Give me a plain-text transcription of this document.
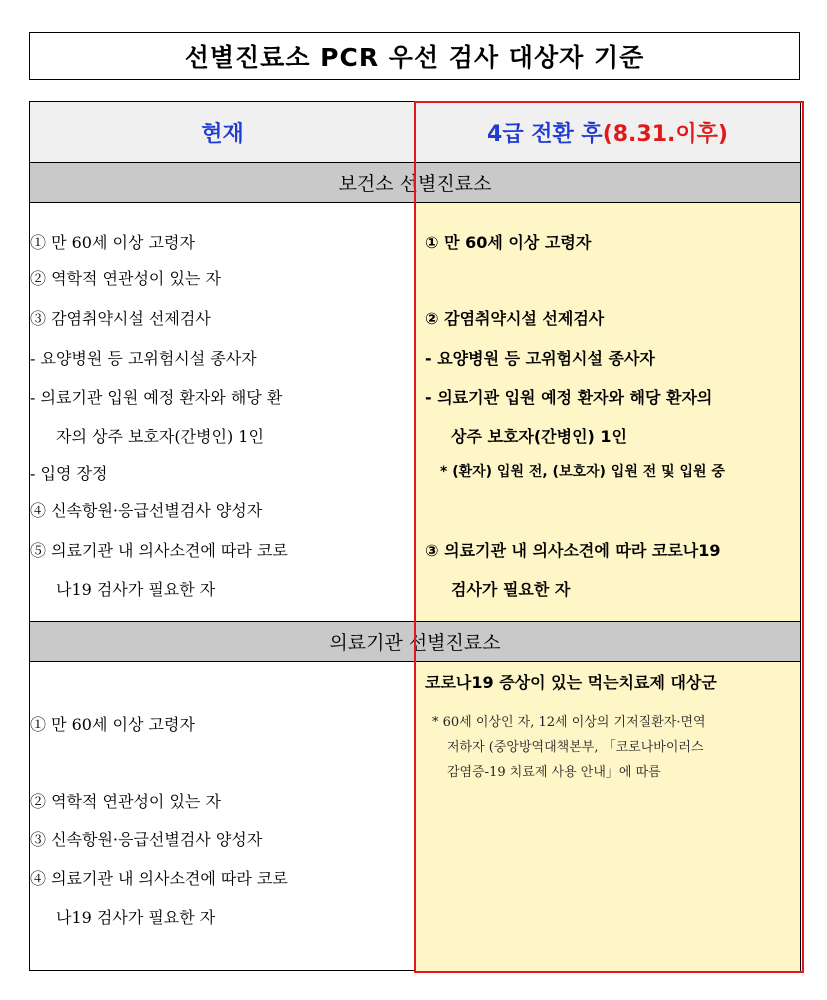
선별진료소 PCR 우선 검사 대상자 기준
현재	4급 전환 후 (8.31.이후)
보건소 선별진료소
의료기관 선별진료소
① 만 60세 이상 고령자
② 역학적 연관성이 있는 자
③ 감염취약시설 선제검사
- 요양병원 등 고위험시설 종사자
- 의료기관 입원 예정 환자와 해당 환
자의 상주 보호자(간병인) 1인
- 입영 장정
④ 신속항원·응급선별검사 양성자
⑤ 의료기관 내 의사소견에 따라 코로
나19 검사가 필요한 자
① 만 60세 이상 고령자
② 감염취약시설 선제검사
- 요양병원 등 고위험시설 종사자
- 의료기관 입원 예정 환자와 해당 환자의
상주 보호자(간병인) 1인
* (환자) 입원 전, (보호자) 입원 전 및 입원 중
③ 의료기관 내 의사소견에 따라 코로나19
검사가 필요한 자
① 만 60세 이상 고령자
② 역학적 연관성이 있는 자
③ 신속항원·응급선별검사 양성자
④ 의료기관 내 의사소견에 따라 코로
나19 검사가 필요한 자
코로나19 증상이 있는 먹는치료제 대상군
* 60세 이상인 자, 12세 이상의 기저질환자·면역
저하자 (중앙방역대책본부, 「코로나바이러스
감염증-19 치료제 사용 안내」에 따름
